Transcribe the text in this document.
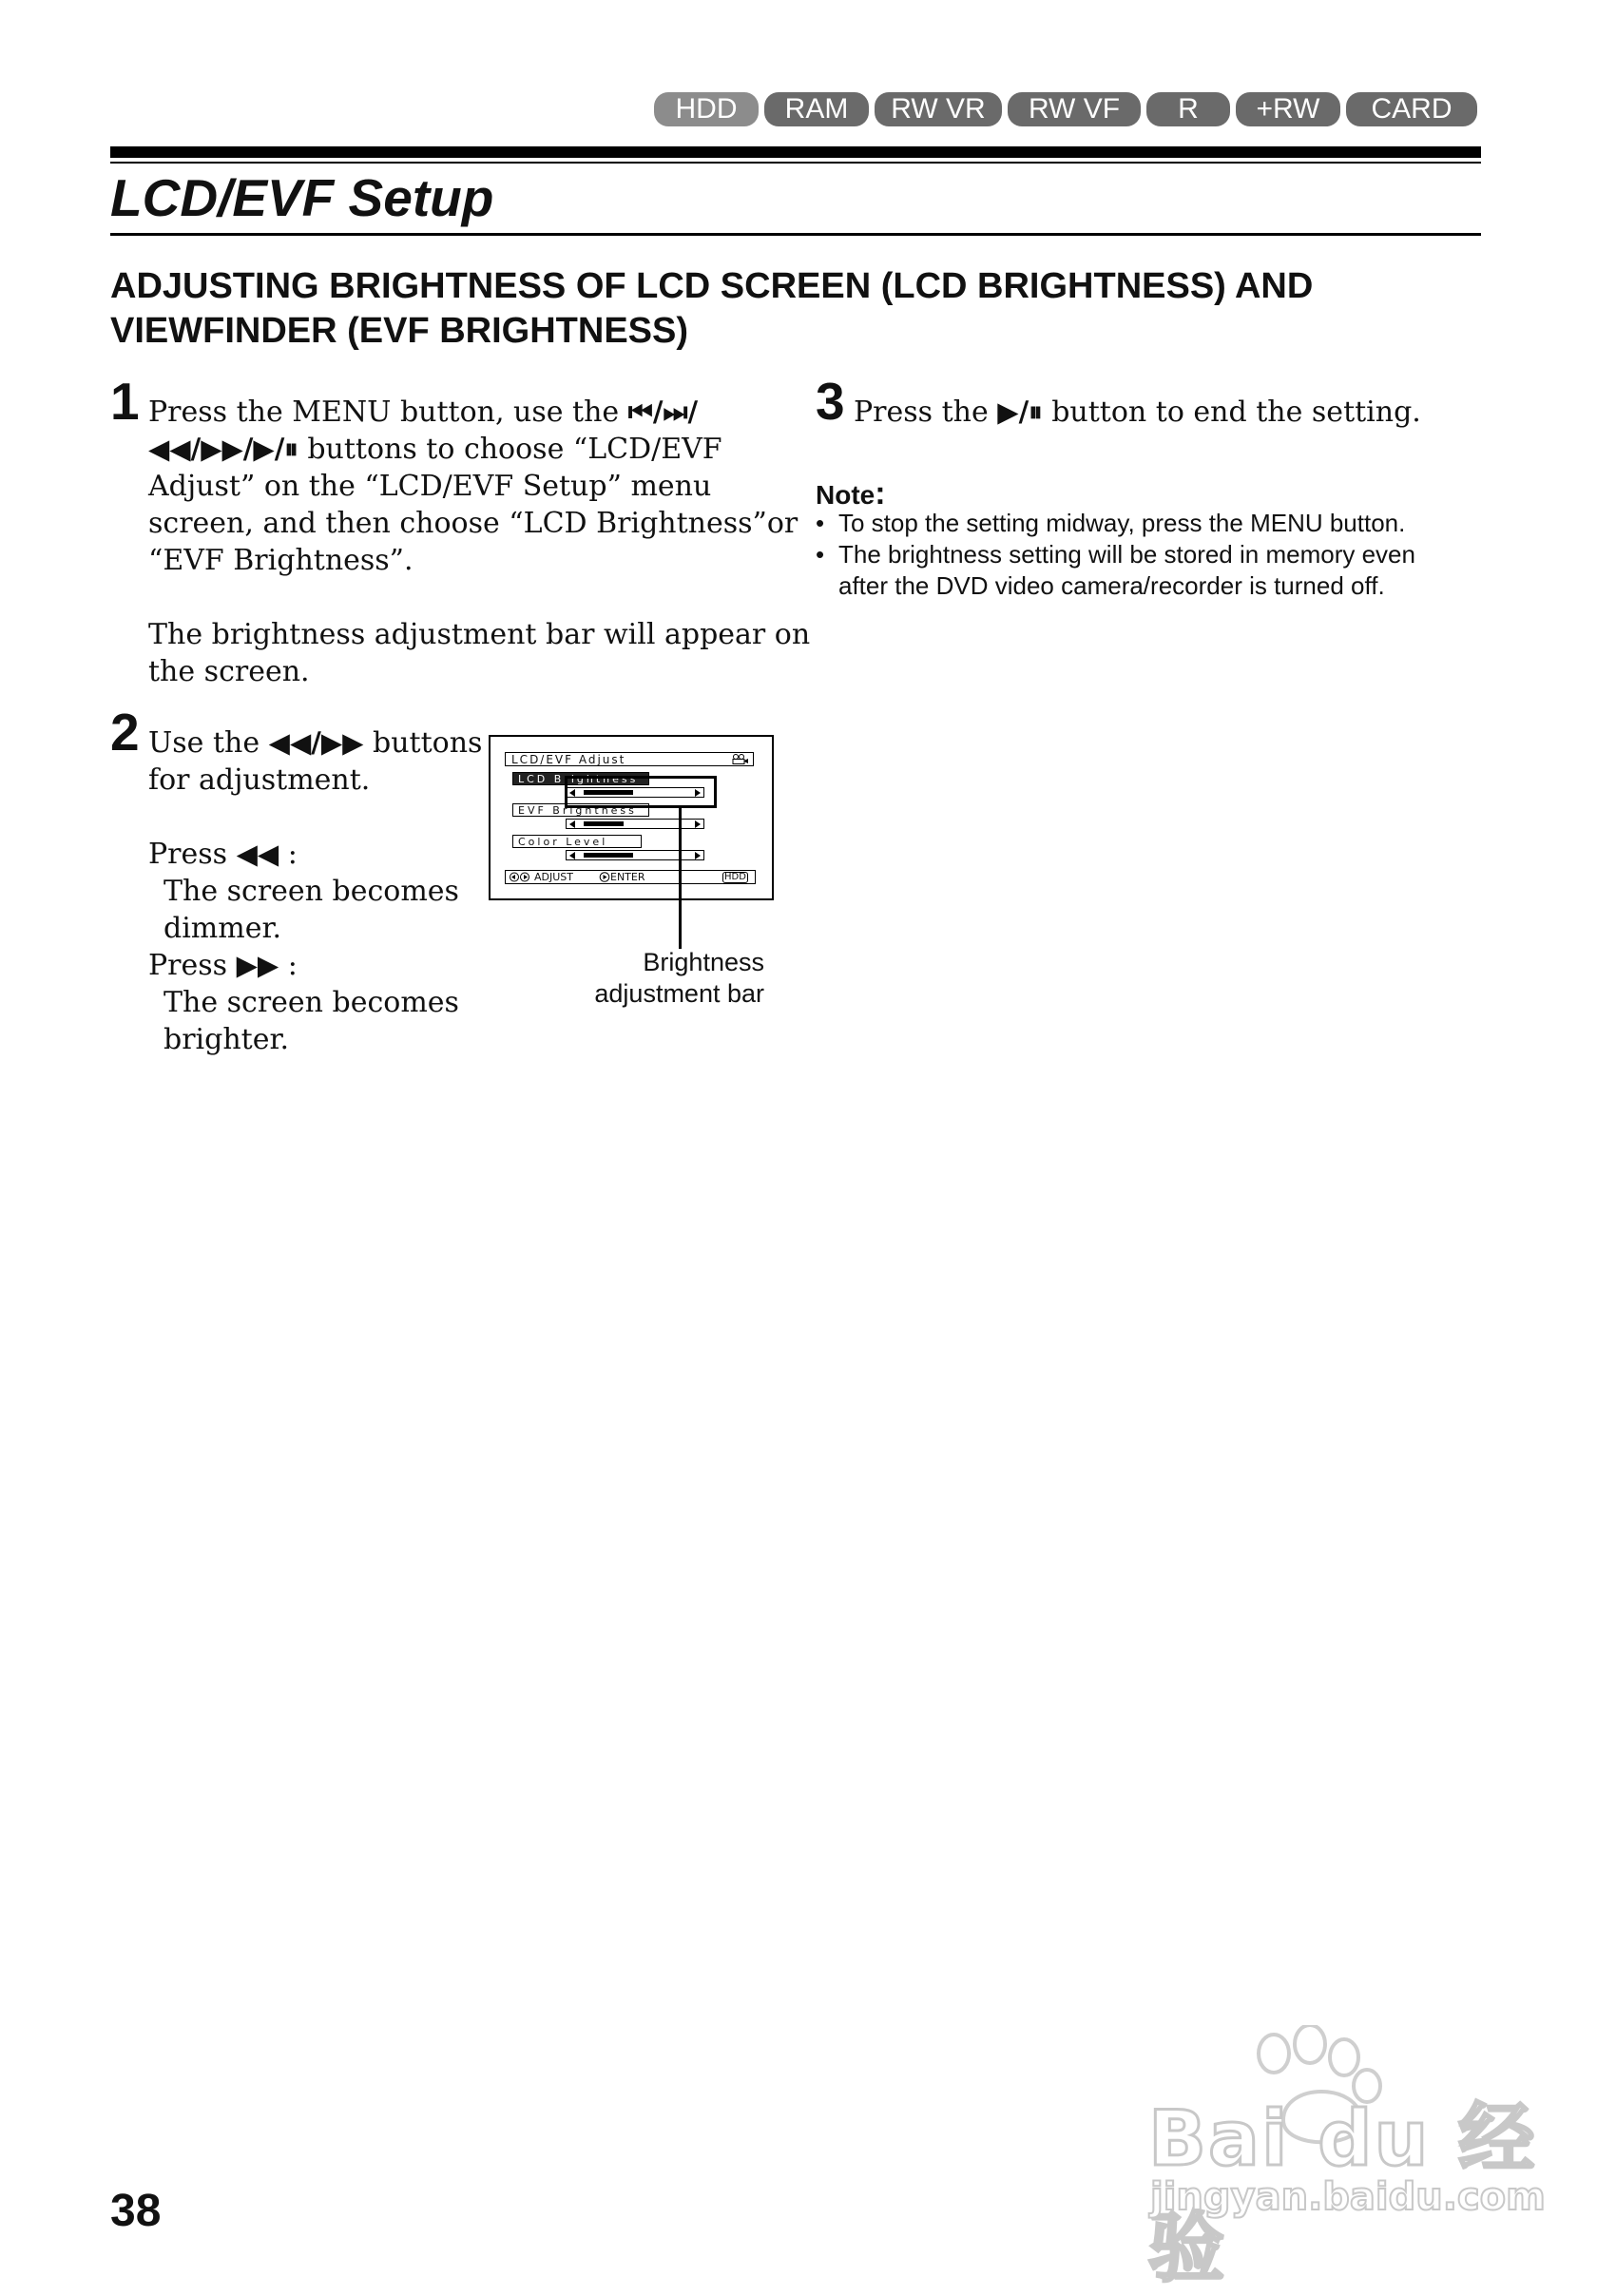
HDD	RAM	RW VR	RW VF	R	+RW	CARD
LCD/EVF Setup
ADJUSTING BRIGHTNESS OF LCD SCREEN (LCD BRIGHTNESS) AND
VIEWFINDER (EVF BRIGHTNESS)
1 Press the MENU button, use the ⏮/⏭/
◀◀/▶▶/▶/⏸ buttons to choose “LCD/EVF
Adjust” on the “LCD/EVF Setup” menu
screen, and then choose “LCD Brightness”or
“EVF Brightness”.
The brightness adjustment bar will appear on
the screen.
2 Use the ◀◀/▶▶ buttons
for adjustment.
Press ◀◀ :
The screen becomes
dimmer.
Press ▶▶ :
The screen becomes
brighter.
LCD/EVF Adjust
LCD Brightness
EVF Brightness
Color Level
ADJUST	ENTER	HDD
Brightness
adjustment bar
3 Press the ▶/⏸ button to end the setting.
Note:
• To stop the setting midway, press the MENU button.
• The brightness setting will be stored in memory even
after the DVD video camera/recorder is turned off.
38
Bai du 经验
jingyan.baidu.com
